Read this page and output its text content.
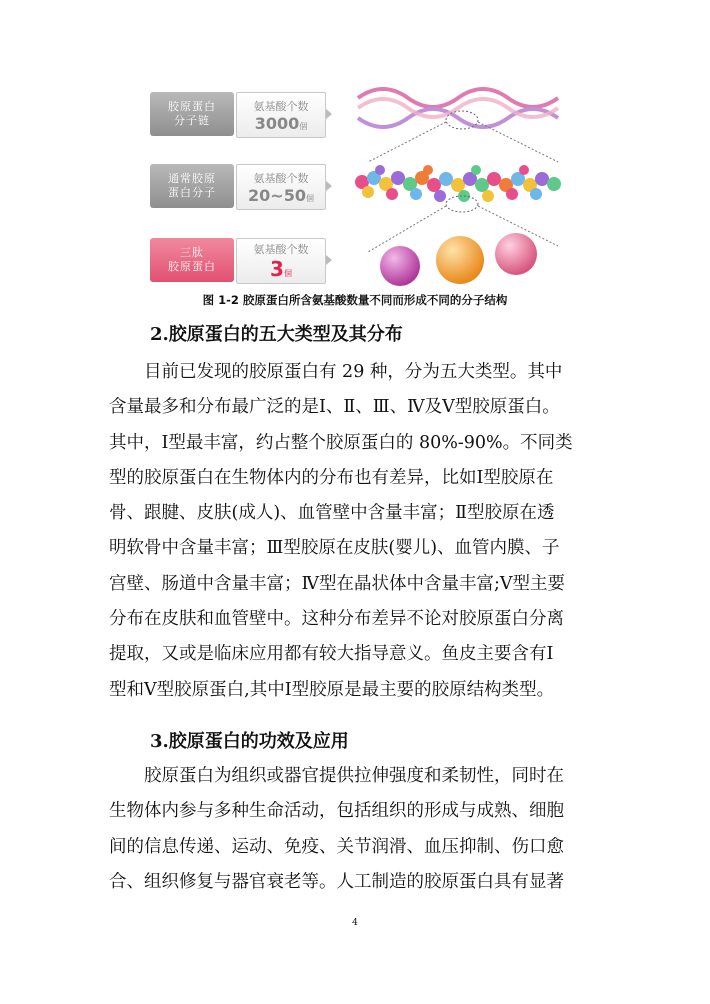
胶原蛋白
分子链
氨基酸个数
3000個
通常胶原
蛋白分子
氨基酸个数
20~50個
三肽
胶原蛋白
氨基酸个数
3個
图 1-2 胶原蛋白所含氨基酸数量不同而形成不同的分子结构
2.胶原蛋白的五大类型及其分布
目前已发现的胶原蛋白有 29 种，分为五大类型。其中
含量最多和分布最广泛的是Ⅰ、Ⅱ、Ⅲ、Ⅳ及Ⅴ型胶原蛋白。
其中，Ⅰ型最丰富，约占整个胶原蛋白的 80%-90%。不同类
型的胶原蛋白在生物体内的分布也有差异，比如Ⅰ型胶原在
骨、跟腱、皮肤(成人)、血管壁中含量丰富；Ⅱ型胶原在透
明软骨中含量丰富；Ⅲ型胶原在皮肤(婴儿)、血管内膜、子
宫壁、肠道中含量丰富；Ⅳ型在晶状体中含量丰富;Ⅴ型主要
分布在皮肤和血管壁中。这种分布差异不论对胶原蛋白分离
提取，又或是临床应用都有较大指导意义。鱼皮主要含有Ⅰ
型和Ⅴ型胶原蛋白,其中Ⅰ型胶原是最主要的胶原结构类型。
3.胶原蛋白的功效及应用
胶原蛋白为组织或器官提供拉伸强度和柔韧性，同时在
生物体内参与多种生命活动，包括组织的形成与成熟、细胞
间的信息传递、运动、免疫、关节润滑、血压抑制、伤口愈
合、组织修复与器官衰老等。人工制造的胶原蛋白具有显著
4
